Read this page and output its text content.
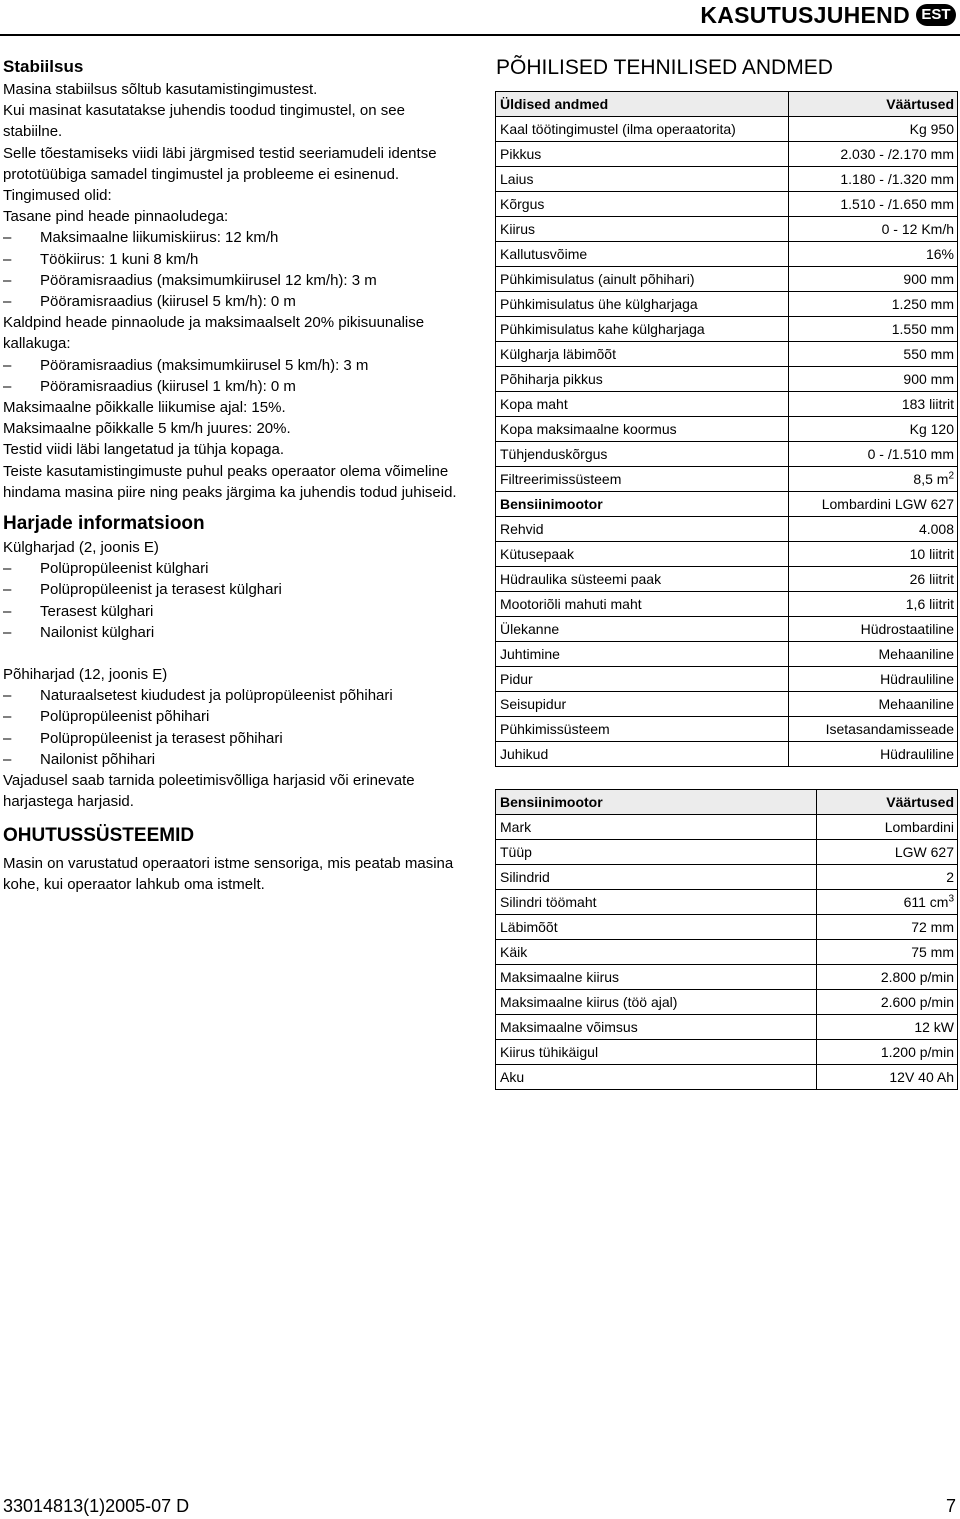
KASUTUSJUHEND EST
Stabiilsus

Masina stabiilsus sõltub kasutamistingimustest.

Kui masinat kasutatakse juhendis toodud tingimustel, on see stabiilne.

Selle tõestamiseks viidi läbi järgmised testid seeriamudeli identse prototüübiga samadel tingimustel ja probleeme ei esinenud. Tingimused olid:

Tasane pind heade pinnaoludega:

– Maksimaalne liikumiskiirus: 12 km/h

– Töökiirus: 1 kuni 8 km/h

– Pööramisraadius (maksimumkiirusel 12 km/h): 3 m

– Pööramisraadius (kiirusel 5 km/h): 0 m

Kaldpind heade pinnaolude ja maksimaalselt 20% pikisuunalise kallakuga:

– Pööramisraadius (maksimumkiirusel 5 km/h): 3 m

– Pööramisraadius (kiirusel 1 km/h): 0 m

Maksimaalne põikkalle liikumise ajal: 15%.

Maksimaalne põikkalle 5 km/h juures: 20%.

Testid viidi läbi langetatud ja tühja kopaga.

Teiste kasutamistingimuste puhul peaks operaator olema võimeline hindama masina piire ning peaks järgima ka juhendis todud juhiseid.

Harjade informatsioon

Külgharjad (2, joonis E)

– Polüpropüleenist külghari

– Polüpropüleenist ja terasest külghari

– Terasest külghari

– Nailonist külghari

Põhiharjad (12, joonis E)

– Naturaalsetest kiududest ja polüpropüleenist põhihari

– Polüpropüleenist põhihari

– Polüpropüleenist ja terasest põhihari

– Nailonist põhihari

Vajadusel saab tarnida poleetimisvõlliga harjasid või erinevate harjastega harjasid.

OHUTUSSÜSTEEMID

Masin on varustatud operaatori istme sensoriga, mis peatab masina kohe, kui operaator lahkub oma istmelt.

PÕHILISED TEHNILISED ANDMED
Üldised andmed	Väärtused
Kaal töötingimustel (ilma operaatorita)	Kg 950
Pikkus	2.030 - /2.170 mm
Laius	1.180 - /1.320 mm
Kõrgus	1.510 - /1.650 mm
Kiirus	0 - 12 Km/h
Kallutusvõime	16%
Pühkimisulatus (ainult põhihari)	900 mm
Pühkimisulatus ühe külgharjaga	1.250 mm
Pühkimisulatus kahe külgharjaga	1.550 mm
Külgharja läbimõõt	550 mm
Põhiharja pikkus	900 mm
Kopa maht	183 liitrit
Kopa maksimaalne koormus	Kg 120
Tühjenduskõrgus	0 - /1.510 mm
Filtreerimissüsteem	8,5 $m^2$
Bensiinimootor	Lombardini LGW 627
Rehvid	4.008
Kütusepaak	10 liitrit
Hüdraulika süsteemi paak	26 liitrit
Mootoriõli mahuti maht	1,6 liitrit
Ülekanne	Hüdrostaatiline
Juhtimine	Mehaaniline
Pidur	Hüdrauliline
Seisupidur	Mehaaniline
Pühkimissüsteem	Isetasandamisseade
Juhikud	Hüdrauliline
Bensiinimootor	Väärtused
Mark	Lombardini
Tüüp	LGW 627
Silindrid	2
Silindri töömaht	611 $cm^3$
Läbimõõt	72 mm
Käik	75 mm
Maksimaalne kiirus	2.800 p/min
Maksimaalne kiirus (töö ajal)	2.600 p/min
Maksimaalne võimsus	12 kW
Kiirus tühikäigul	1.200 p/min
Aku	12V 40 Ah
33014813(1)2005-07 D	7
